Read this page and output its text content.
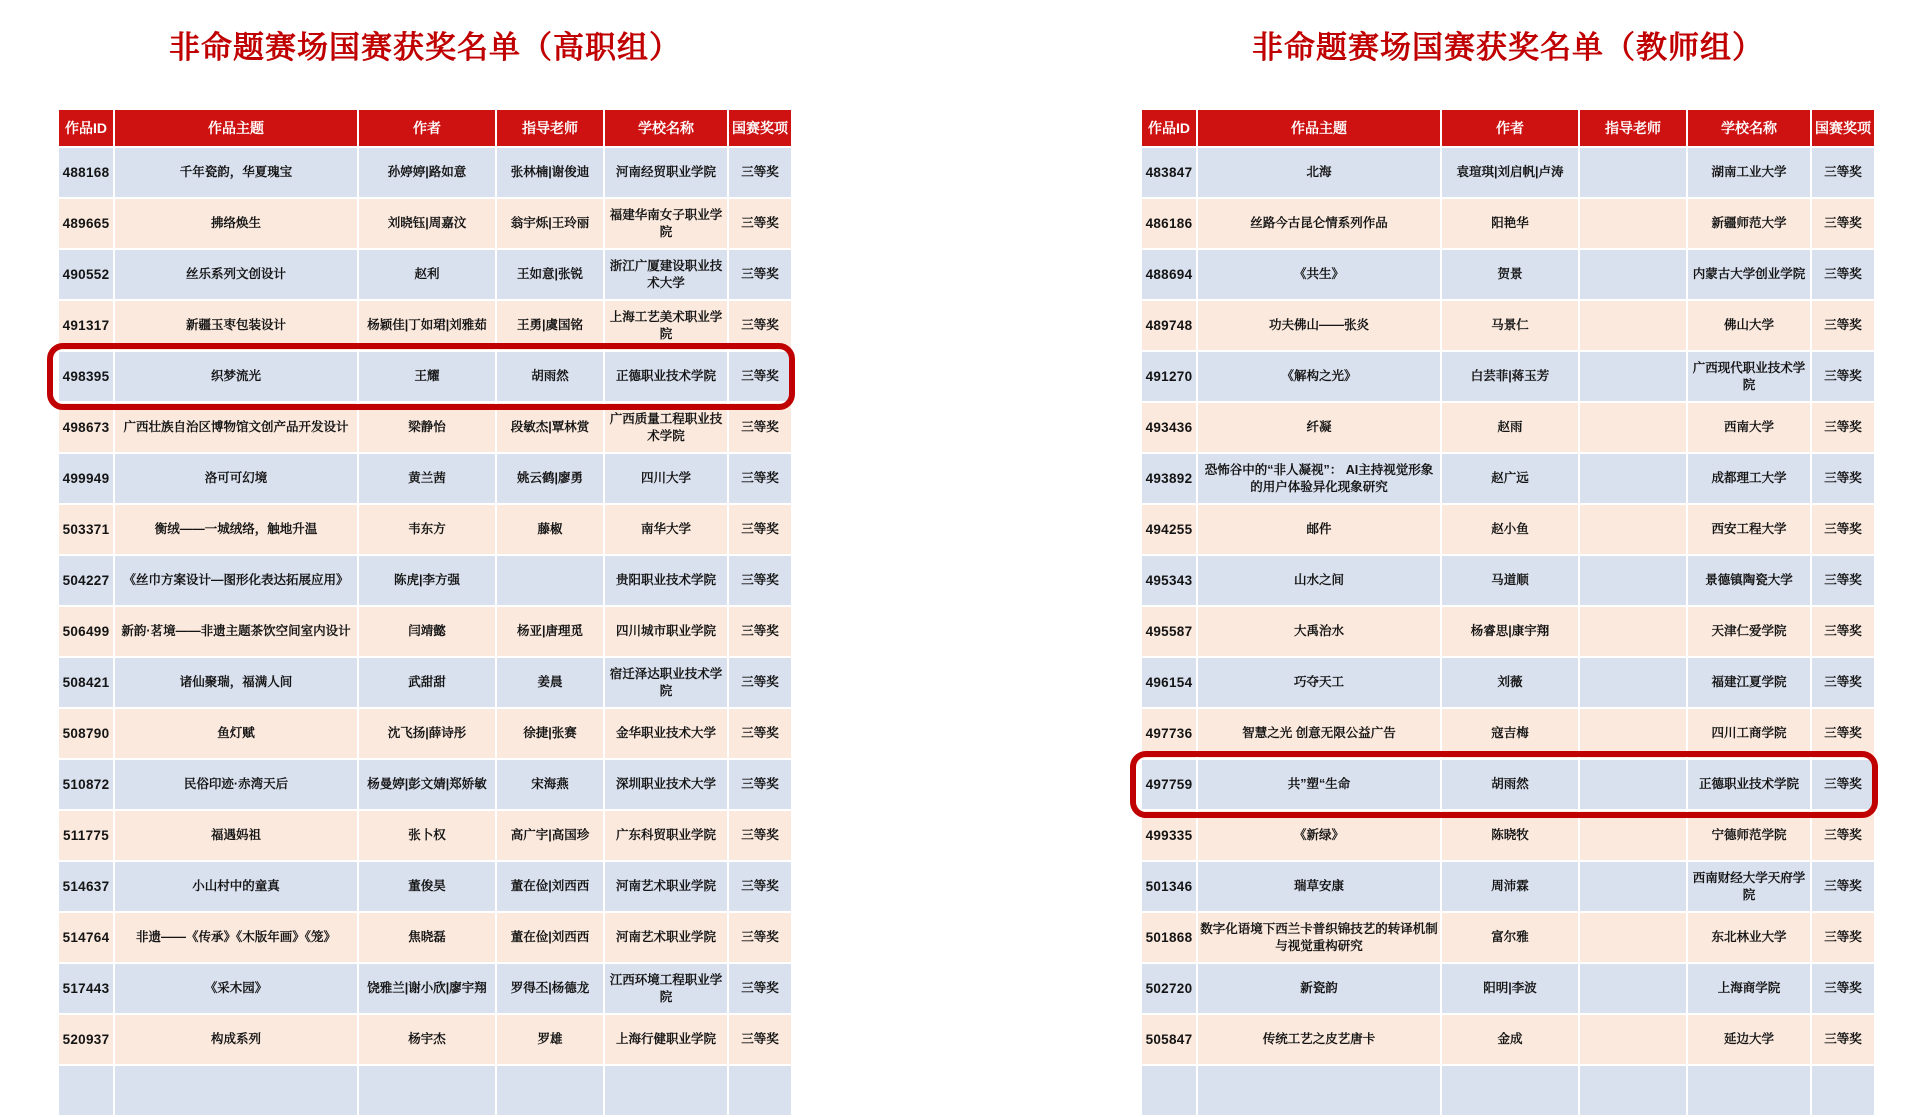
非命题赛场国赛获奖名单（高职组）
作品ID	作品主题	作者	指导老师	学校名称	国赛奖项
488168	千年瓷韵，华夏瑰宝	孙婷婷|路如意	张林楠|谢俊迪	河南经贸职业学院	三等奖
489665	拂络焕生	刘晓钰|周嘉汶	翁宇烁|王玲丽	福建华南女子职业学院	三等奖
490552	丝乐系列文创设计	赵利	王如意|张锐	浙江广厦建设职业技术大学	三等奖
491317	新疆玉枣包装设计	杨颖佳|丁如珺|刘雅茹	王勇|虞国铭	上海工艺美术职业学院	三等奖
498395	织梦流光	王耀	胡雨然	正德职业技术学院	三等奖
498673	广西壮族自治区博物馆文创产品开发设计	梁静怡	段敏杰|覃林赏	广西质量工程职业技术学院	三等奖
499949	洛可可幻境	黄兰茜	姚云鹤|廖勇	四川大学	三等奖
503371	衡绒——一城绒络，触地升温	韦东方	藤椒	南华大学	三等奖
504227	《丝巾方案设计—图形化表达拓展应用》	陈虎|李方强		贵阳职业技术学院	三等奖
506499	新韵·茗境——非遗主题茶饮空间室内设计	闫靖懿	杨亚|唐理觅	四川城市职业学院	三等奖
508421	诸仙聚瑞，福满人间	武甜甜	姜晨	宿迁泽达职业技术学院	三等奖
508790	鱼灯赋	沈飞扬|薛诗彤	徐捷|张赛	金华职业技术大学	三等奖
510872	民俗印迹·赤湾天后	杨曼婷|彭文婧|郑娇敏	宋海燕	深圳职业技术大学	三等奖
511775	福遇妈祖	张卜权	高广宇|高国珍	广东科贸职业学院	三等奖
514637	小山村中的童真	董俊昊	董在俭|刘西西	河南艺术职业学院	三等奖
514764	非遗——《传承》《木版年画》《笼》	焦晓磊	董在俭|刘西西	河南艺术职业学院	三等奖
517443	《采木园》	饶雅兰|谢小欣|廖宇翔	罗得丕|杨德龙	江西环境工程职业学院	三等奖
520937	构成系列	杨宇杰	罗雄	上海行健职业学院	三等奖

非命题赛场国赛获奖名单（教师组）
作品ID	作品主题	作者	指导老师	学校名称	国赛奖项
483847	北海	袁瑄琪|刘启帆|卢涛		湖南工业大学	三等奖
486186	丝路今古昆仑情系列作品	阳艳华		新疆师范大学	三等奖
488694	《共生》	贺景		内蒙古大学创业学院	三等奖
489748	功夫佛山——张炎	马景仁		佛山大学	三等奖
491270	《解构之光》	白芸菲|蒋玉芳		广西现代职业技术学院	三等奖
493436	纤凝	赵雨		西南大学	三等奖
493892	恐怖谷中的“非人凝视”： AI主持视觉形象的用户体验异化现象研究	赵广远		成都理工大学	三等奖
494255	邮件	赵小鱼		西安工程大学	三等奖
495343	山水之间	马道顺		景德镇陶瓷大学	三等奖
495587	大禹治水	杨睿思|康宇翔		天津仁爱学院	三等奖
496154	巧夺天工	刘薇		福建江夏学院	三等奖
497736	智慧之光 创意无限公益广告	寇吉梅		四川工商学院	三等奖
497759	共”塑“生命	胡雨然		正德职业技术学院	三等奖
499335	《新绿》	陈晓牧		宁德师范学院	三等奖
501346	瑞草安康	周沛霖		西南财经大学天府学院	三等奖
501868	数字化语境下西兰卡普织锦技艺的转译机制与视觉重构研究	富尔雅		东北林业大学	三等奖
502720	新瓷韵	阳明|李波		上海商学院	三等奖
505847	传统工艺之皮艺唐卡	金成		延边大学	三等奖
